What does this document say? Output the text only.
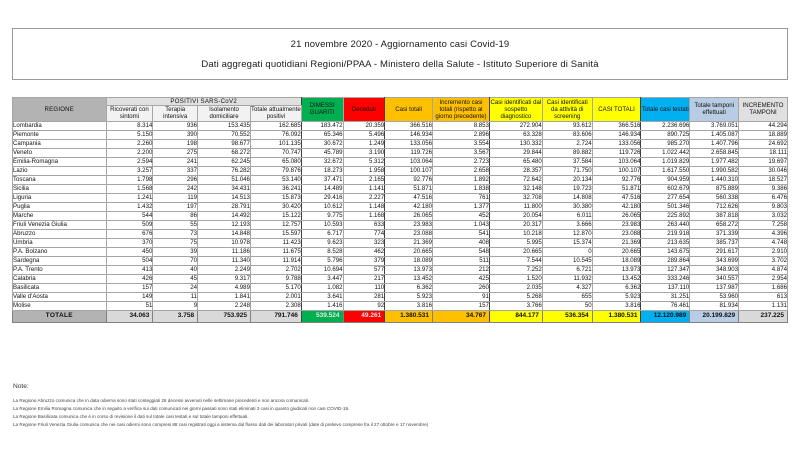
21 novembre 2020 - Aggiornamento casi Covid-19
Dati aggregati quotidiani Regioni/PPAA - Ministero della Salute - Istituto Superiore di Sanità
REGIONE	POSITIVI SARS-CoV2				DIMESSI GUARITI	Deceduti	Casi totali	Incremento casi totali (rispetto al giorno precedente)	Casi identificati dal sospetto diagnostico	Casi identificati da attività di screening	CASI TOTALI	Totale casi testati	Totale tamponi effettuati	INCREMENTO TAMPONI
	Ricoverati con sintomi	Terapia intensiva	Isolamento domiciliare	Totale attualmente positivi										
Lombardia	8.314	936	153.435	162.685	183.472	20.359	366.516	8.853	272.904	93.612	366.516	2.236.696	3.769.051	44.294
Piemonte	5.150	390	70.552	76.092	65.346	5.496	146.934	2.896	63.328	83.606	146.934	890.725	1.405.087	18.889
Campania	2.260	198	98.677	101.135	30.672	1.249	133.056	3.554	130.332	2.724	133.056	985.270	1.407.796	24.692
Veneto	2.200	275	68.272	70.747	45.789	3.190	119.726	3.567	29.844	89.882	119.726	1.022.442	2.658.845	18.111
Emilia-Romagna	2.594	241	62.245	65.080	32.672	5.312	103.064	2.723	65.480	37.584	103.064	1.019.829	1.977.482	19.697
Lazio	3.257	337	76.282	79.876	18.273	1.958	100.107	2.658	28.357	71.750	100.107	1.617.550	1.990.582	30.046
Toscana	1.798	296	51.046	53.140	37.471	2.165	92.776	1.892	72.642	20.134	92.776	904.959	1.440.310	18.527
Sicilia	1.568	242	34.431	36.241	14.489	1.141	51.871	1.838	32.148	19.723	51.871	602.679	875.889	9.386
Liguria	1.241	119	14.513	15.873	29.416	2.227	47.516	761	32.708	14.808	47.516	277.654	560.338	6.476
Puglia	1.432	197	28.791	30.420	10.612	1.148	42.180	1.377	11.800	30.380	42.180	501.346	712.626	9.803
Marche	544	86	14.492	15.122	9.775	1.168	26.065	452	20.054	6.011	26.065	225.892	387.818	3.032
Friuli Venezia Giulia	509	55	12.193	12.757	10.593	633	23.983	1.043	20.317	3.666	23.983	263.440	658.272	7.258
Abruzzo	676	73	14.848	15.597	6.717	774	23.088	541	10.218	12.870	23.088	219.918	371.339	4.396
Umbria	370	75	10.978	11.423	9.623	323	21.369	408	5.995	15.374	21.369	213.635	385.737	4.748
P.A. Bolzano	450	39	11.186	11.675	8.528	462	20.665	548	20.665	0	20.665	143.675	291.617	2.910
Sardegna	504	70	11.340	11.914	5.796	379	18.089	511	7.544	10.545	18.089	289.864	343.699	3.702
P.A. Trento	413	40	2.249	2.702	10.694	577	13.973	212	7.252	6.721	13.973	127.347	348.903	4.874
Calabria	426	45	9.317	9.788	3.447	217	13.452	425	1.520	11.932	13.452	333.246	340.557	2.954
Basilicata	157	24	4.989	5.170	1.082	110	6.362	260	2.035	4.327	6.362	137.110	137.987	1.686
Valle d'Aosta	149	11	1.841	2.001	3.641	281	5.923	91	5.268	655	5.923	31.251	53.960	613
Molise	51	9	2.248	2.308	1.416	92	3.816	157	3.766	50	3.816	76.461	81.934	1.131
TOTALE	34.063	3.758	753.925	791.746	539.524	49.261	1.380.531	34.767	844.177	536.354	1.380.531	12.120.989	20.199.829	237.225
Note:
La Regione Abruzzo comunica che in data odierna sono stati conteggiati 26 decessi avvenuti nelle settimane precedenti e non ancora comunicati.
La Regione Emilia Romagna comunica che in seguito a verifica sui dati comunicati nei giorni passati sono stati eliminati 3 casi in quanto giudicati non casi COVID-19.
La Regione Basilicata comunica che è in corso di revisione il dati sul totale casi testati e sul totale tamponi effettuati.
La Regione Friuli Venezia Giulia comunica che nei casi odierni sono compresi 88 casi registrati oggi a sistema dal flusso dati dei laboratori privati (date di prelievo comprese fra il 27 ottobre e 17 novembre)
